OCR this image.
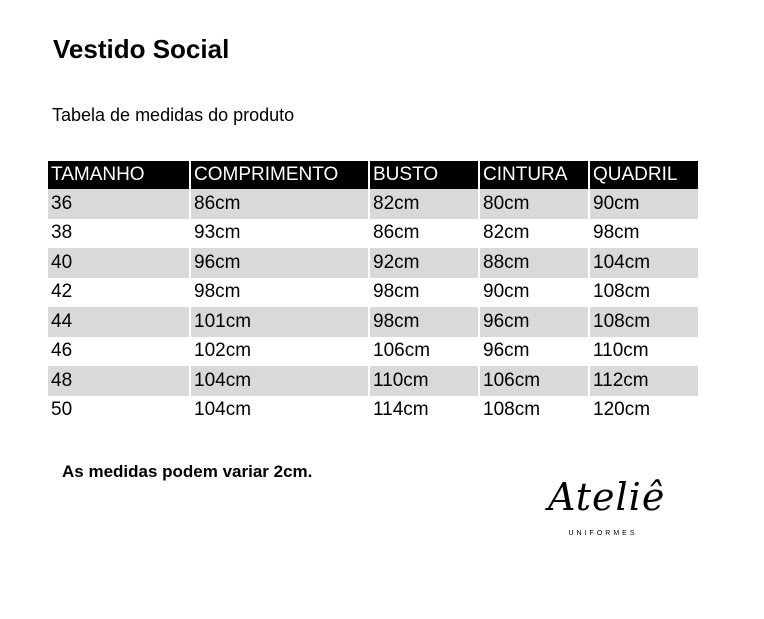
Vestido Social
Tabela de medidas do produto
TAMANHO	COMPRIMENTO	BUSTO	CINTURA	QUADRIL
36	86cm	82cm	80cm	90cm
38	93cm	86cm	82cm	98cm
40	96cm	92cm	88cm	104cm
42	98cm	98cm	90cm	108cm
44	101cm	98cm	96cm	108cm
46	102cm	106cm	96cm	110cm
48	104cm	110cm	106cm	112cm
50	104cm	114cm	108cm	120cm
As medidas podem variar 2cm.
Ateliê
UNIFORMES
